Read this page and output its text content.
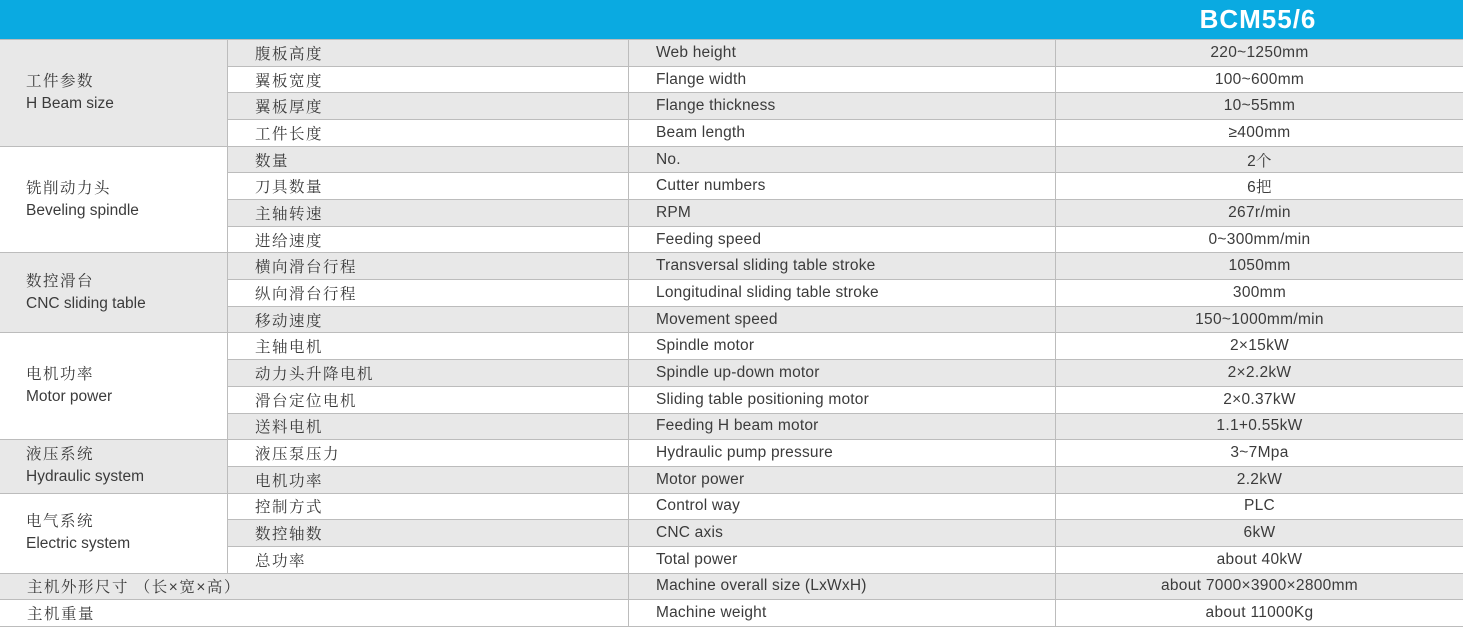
BCM55/6
工件参数
H Beam size
腹板高度	Web height	220~1250mm
翼板宽度	Flange width	100~600mm
翼板厚度	Flange thickness	10~55mm
工件长度	Beam length	≥400mm
铣削动力头
Beveling spindle
数量	No.	2个
刀具数量	Cutter numbers	6把
主轴转速	RPM	267r/min
进给速度	Feeding speed	0~300mm/min
数控滑台
CNC sliding table
横向滑台行程	Transversal sliding table stroke	1050mm
纵向滑台行程	Longitudinal sliding table stroke	300mm
移动速度	Movement speed	150~1000mm/min
电机功率
Motor power
主轴电机	Spindle motor	2×15kW
动力头升降电机	Spindle up-down motor	2×2.2kW
滑台定位电机	Sliding table positioning motor	2×0.37kW
送料电机	Feeding H beam motor	1.1+0.55kW
液压系统
Hydraulic system
液压泵压力	Hydraulic pump pressure	3~7Mpa
电机功率	Motor power	2.2kW
电气系统
Electric system
控制方式	Control way	PLC
数控轴数	CNC axis	6kW
总功率	Total power	about 40kW
主机外形尺寸 （长×宽×高）	Machine overall size (LxWxH)	about 7000×3900×2800mm
主机重量	Machine weight	about 11000Kg
